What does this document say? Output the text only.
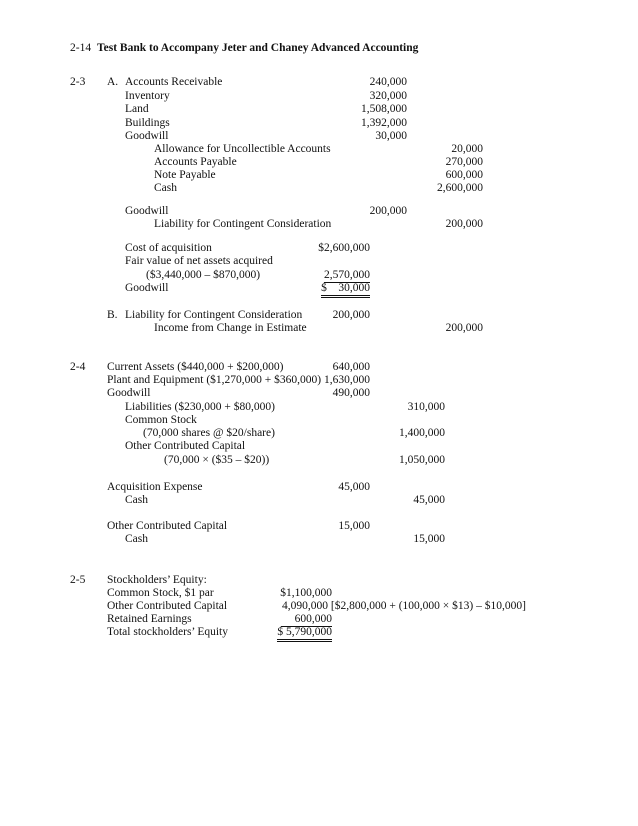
2-14 Test Bank to Accompany Jeter and Chaney Advanced Accounting
2-3 A. Accounts Receivable	240,000
Inventory	320,000
Land	1,508,000
Buildings	1,392,000
Goodwill	30,000
Allowance for Uncollectible Accounts	20,000
Accounts Payable	270,000
Note Payable	600,000
Cash	2,600,000
Goodwill	200,000
Liability for Contingent Consideration	200,000
Cost of acquisition	$2,600,000
Fair value of net assets acquired
($3,440,000 – $870,000)	2,570,000
Goodwill	$    30,000
B. Liability for Contingent Consideration	200,000
Income from Change in Estimate	200,000
2-4 Current Assets ($440,000 + $200,000)	640,000
Plant and Equipment ($1,270,000 + $360,000) 1,630,000
Goodwill	490,000
Liabilities ($230,000 + $80,000)	310,000
Common Stock
(70,000 shares @ $20/share)	1,400,000
Other Contributed Capital
(70,000 × ($35 – $20))	1,050,000
Acquisition Expense	45,000
Cash	45,000
Other Contributed Capital	15,000
Cash	15,000
2-5 Stockholders’ Equity:
Common Stock, $1 par	$1,100,000
Other Contributed Capital	4,090,000 [$2,800,000 + (100,000 × $13) – $10,000]
Retained Earnings	600,000
Total stockholders’ Equity	$ 5,790,000
